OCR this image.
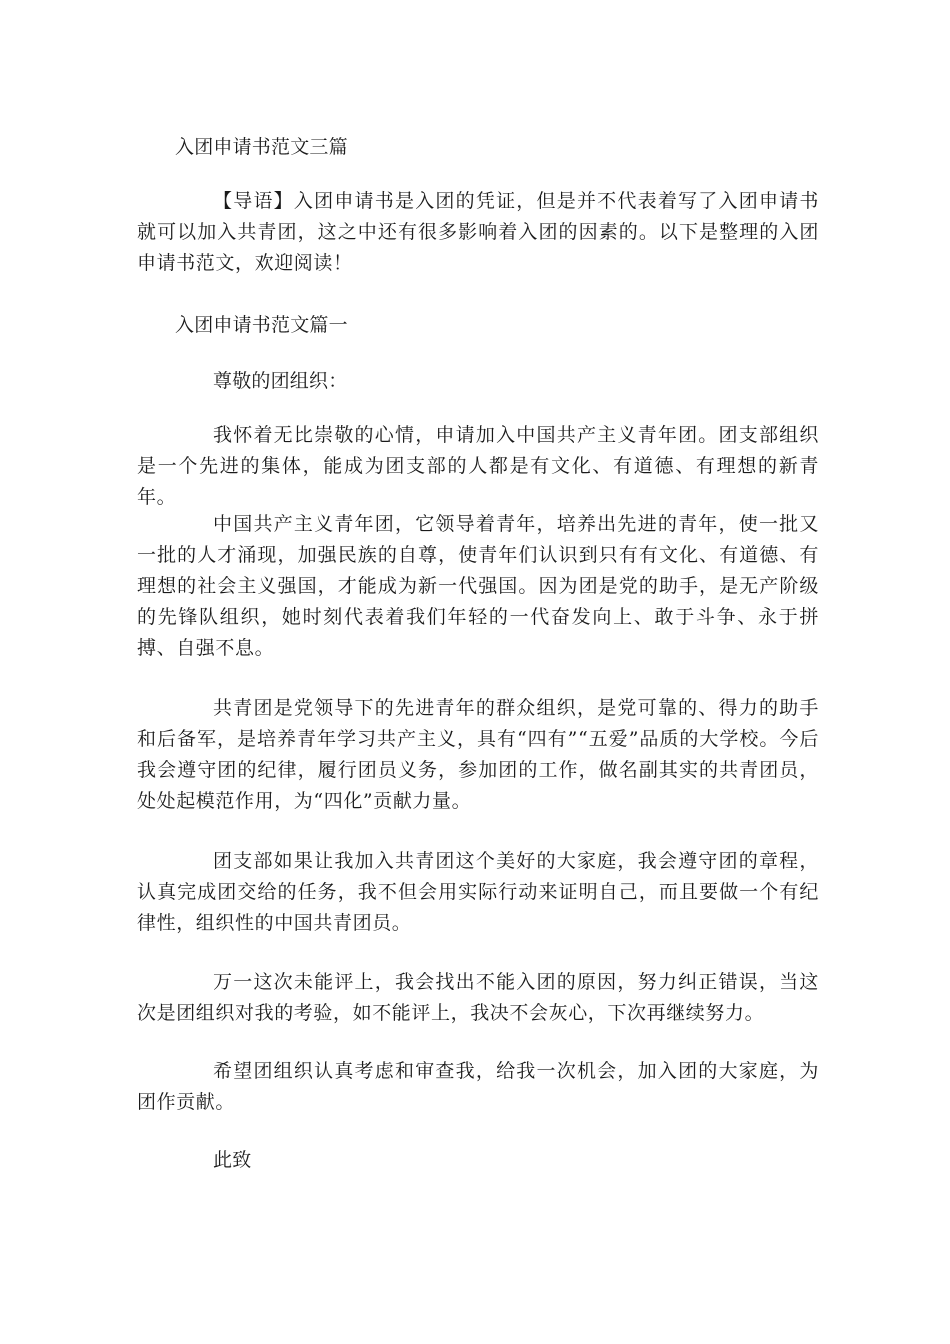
入团申请书范文三篇
【导语】入团申请书是入团的凭证，但是并不代表着写了入团申请书就可以加入共青团，这之中还有很多影响着入团的因素的。以下是整理的入团申请书范文，欢迎阅读！
入团申请书范文篇一
尊敬的团组织：
我怀着无比崇敬的心情，申请加入中国共产主义青年团。团支部组织是一个先进的集体，能成为团支部的人都是有文化、有道德、有理想的新青年。
中国共产主义青年团，它领导着青年，培养出先进的青年，使一批又一批的人才涌现，加强民族的自尊，使青年们认识到只有有文化、有道德、有理想的社会主义强国，才能成为新一代强国。因为团是党的助手，是无产阶级的先锋队组织，她时刻代表着我们年轻的一代奋发向上、敢于斗争、永于拼搏、自强不息。
共青团是党领导下的先进青年的群众组织，是党可靠的、得力的助手和后备军，是培养青年学习共产主义，具有“四有”“五爱”品质的大学校。今后我会遵守团的纪律，履行团员义务，参加团的工作，做名副其实的共青团员，处处起模范作用，为“四化”贡献力量。
团支部如果让我加入共青团这个美好的大家庭，我会遵守团的章程，认真完成团交给的任务，我不但会用实际行动来证明自己，而且要做一个有纪律性，组织性的中国共青团员。
万一这次未能评上，我会找出不能入团的原因，努力纠正错误，当这次是团组织对我的考验，如不能评上，我决不会灰心，下次再继续努力。
希望团组织认真考虑和审查我，给我一次机会，加入团的大家庭，为团作贡献。
此致
